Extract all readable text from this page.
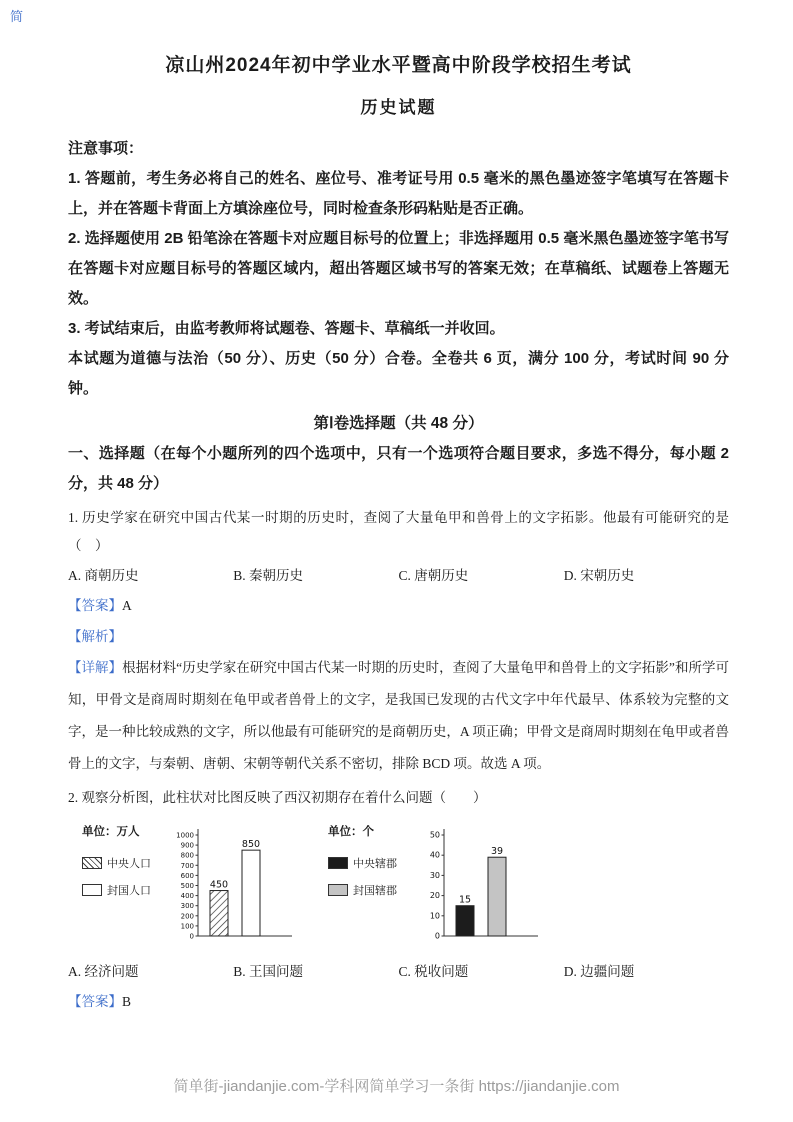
简
凉山州2024年初中学业水平暨高中阶段学校招生考试
历史试题

注意事项：

1. 答题前，考生务必将自己的姓名、座位号、准考证号用 0.5 毫米的黑色墨迹签字笔填写在答题卡上，并在答题卡背面上方填涂座位号，同时检查条形码粘贴是否正确。

2. 选择题使用 2B 铅笔涂在答题卡对应题目标号的位置上；非选择题用 0.5 毫米黑色墨迹签字笔书写在答题卡对应题目标号的答题区域内，超出答题区域书写的答案无效；在草稿纸、试题卷上答题无效。

3. 考试结束后，由监考教师将试题卷、答题卡、草稿纸一并收回。

本试题为道德与法治（50 分）、历史（50 分）合卷。全卷共 6 页，满分 100 分，考试时间 90 分钟。

第Ⅰ卷选择题（共 48 分）

一、选择题（在每个小题所列的四个选项中，只有一个选项符合题目要求，多选不得分，每小题 2 分，共 48 分）

1. 历史学家在研究中国古代某一时期的历史时，查阅了大量龟甲和兽骨上的文字拓影。他最有可能研究的是（　）

A. 商朝历史	B. 秦朝历史	C. 唐朝历史	D. 宋朝历史

【答案】A

【解析】

【详解】根据材料“历史学家在研究中国古代某一时期的历史时，查阅了大量龟甲和兽骨上的文字拓影”和所学可知，甲骨文是商周时期刻在龟甲或者兽骨上的文字，是我国已发现的古代文字中年代最早、体系较为完整的文字，是一种比较成熟的文字，所以他最有可能研究的是商朝历史，A 项正确；甲骨文是商周时期刻在龟甲或者兽骨上的文字，与秦朝、唐朝、宋朝等朝代关系不密切，排除 BCD 项。故选 A 项。

2. 观察分析图，此柱状对比图反映了西汉初期存在着什么问题（　　）

单位：万人
中央人口
封国人口
0
100
200
300
400
500
600
700
800
900
1000
450
850
单位：个
中央辖郡
封国辖郡
0
10
20
30
40
50
15
39
A. 经济问题	B. 王国问题	C. 税收问题	D. 边疆问题

【答案】B

简单街-jiandanjie.com-学科网简单学习一条街 https://jiandanjie.com
